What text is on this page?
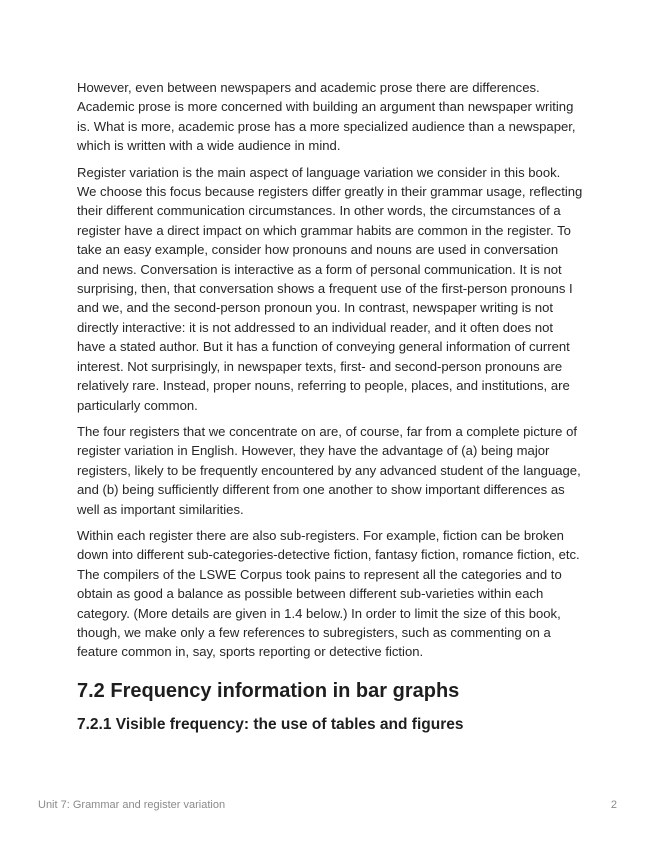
However, even between newspapers and academic prose there are differences. Academic prose is more concerned with building an argument than newspaper writing is. What is more, academic prose has a more specialized audience than a newspaper, which is written with a wide audience in mind.

Register variation is the main aspect of language variation we consider in this book. We choose this focus because registers differ greatly in their grammar usage, reflecting their different communication circumstances. In other words, the circumstances of a register have a direct impact on which grammar habits are common in the register. To take an easy example, consider how pronouns and nouns are used in conversation and news. Conversation is interactive as a form of personal communication. It is not surprising, then, that conversation shows a frequent use of the first-person pronouns I and we, and the second-person pronoun you. In contrast, newspaper writing is not directly interactive: it is not addressed to an individual reader, and it often does not have a stated author. But it has a function of conveying general information of current interest. Not surprisingly, in newspaper texts, first- and second-person pronouns are relatively rare. Instead, proper nouns, referring to people, places, and institutions, are particularly common.

The four registers that we concentrate on are, of course, far from a complete picture of register variation in English. However, they have the advantage of (a) being major registers, likely to be frequently encountered by any advanced student of the language, and (b) being sufficiently different from one another to show important differences as well as important similarities.

Within each register there are also sub-registers. For example, fiction can be broken down into different sub-categories-detective fiction, fantasy fiction, romance fiction, etc. The compilers of the LSWE Corpus took pains to represent all the categories and to obtain as good a balance as possible between different sub-varieties within each category. (More details are given in 1.4 below.) In order to limit the size of this book, though, we make only a few references to subregisters, such as commenting on a feature common in, say, sports reporting or detective fiction.

7.2 Frequency information in bar graphs
7.2.1 Visible frequency: the use of tables and figures
Unit 7: Grammar and register variation	2
